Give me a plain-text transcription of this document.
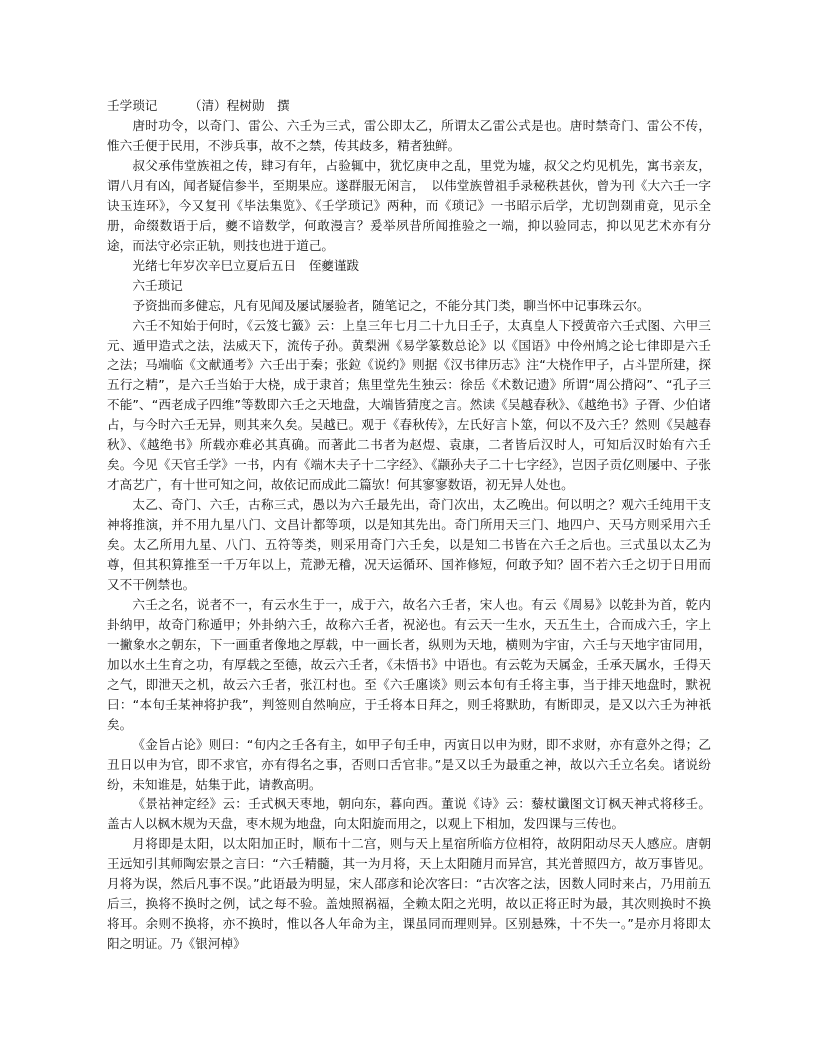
壬学琐记　　　（清）程树勋　撰

唐时功令，以奇门、雷公、六壬为三式，雷公即太乙，所谓太乙雷公式是也。唐时禁奇门、雷公不传，惟六壬便于民用，不涉兵事，故不之禁，传其歧多，精者独鲜。

叔父承伟堂族祖之传，肆习有年，占验辄中，犹忆庚申之乱，里党为墟，叔父之灼见机先，寓书亲友，谓八月有凶，闻者疑信参半，至期果应。遂群服无闲言，　以伟堂族曾祖手录秘秩甚伙，曾为刊《大六壬一字诀玉连环》，今又复刊《毕法集览》、《壬学琐记》两种，而《琐记》一书昭示后学，尤切剀剟甫竟，见示全册，命缀数语于后，夔不谙数学，何敢漫言？爰举夙昔所闻推验之一端，抑以验同志，抑以见艺术亦有分途，而法守必宗正轨，则技也进于道己。

光绪七年岁次辛巳立夏后五日　侄夔谨跋

六壬琐记

予资拙而多健忘，凡有见闻及屡试屡验者，随笔记之，不能分其门类，聊当怀中记事珠云尔。

六壬不知始于何时，《云笈七籖》云：上皇三年七月二十九日壬子，太真皇人下授黄帝六壬式图、六甲三元、遁甲造式之法，法威天下，流传子孙。黄梨洲《易学篆数总论》以《国语》中伶州鸠之论七律即是六壬之法；马端临《文献通考》六壬出于秦；张鉝《说约》则据《汉书律历志》注“大桡作甲子，占斗罡所建，探五行之精”，是六壬当始于大桡，成于隶首；焦里堂先生独云：徐岳《术数记遗》所谓“周公揹闷”、“孔子三不能”、“西老成子四维”等数即六壬之天地盘，大端皆猜度之言。然读《吴越春秋》、《越绝书》子胥、少伯诸占，与今时六壬无异，则其来久矣。吴越已。观于《春秋传》，左氏好言卜筮，何以不及六壬？然则《吴越春秋》、《越绝书》所载亦难必其真确。而著此二书者为赵煜、袁康，二者皆后汉时人，可知后汉时始有六壬矣。今见《天官壬学》一书，内有《端木夫子十二字经》、《颛孙夫子二十七字经》，岂因子贡亿则屡中、子张才高艺广，有十世可知之问，故依记而成此二篇欤！何其寥寥数语，初无异人处也。

太乙、奇门、六壬，古称三式，愚以为六壬最先出，奇门次出，太乙晚出。何以明之？观六壬纯用干支神将推演，并不用九星八门、文昌计都等项，以是知其先出。奇门所用天三门、地四户、天马方则采用六壬矣。太乙所用九星、八门、五符等类，则采用奇门六壬矣，以是知二书皆在六壬之后也。三式虽以太乙为尊，但其积算推至一千万年以上，荒渺无稽，况天运循环、国祚修短，何敢予知？固不若六壬之切于日用而又不干例禁也。

六壬之名，说者不一，有云水生于一，成于六，故名六壬者，宋人也。有云《周易》以乾卦为首，乾内卦纳甲，故奇门称遁甲；外卦纳六壬，故称六壬者，祝泌也。有云天一生水，天五生土，合而成六壬，字上一撇象水之朝东，下一画重者像地之厚载，中一画长者，纵则为天地，横则为宇宙，六壬与天地宇宙同用，加以水土生育之功，有厚载之至德，故云六壬者，《未悟书》中语也。有云乾为天属金，壬承天属水，壬得天之气，即泄天之机，故云六壬者，张江村也。至《六壬廛谈》则云本旬有壬将主事，当于排天地盘时，默祝曰：“本旬壬某神将护我”，判签则自然响应，于壬将本日拜之，则壬将默助，有断即灵，是又以六壬为神祇矣。

《金旨占论》则曰：“旬内之壬各有主，如甲子旬壬申，丙寅日以申为财，即不求财，亦有意外之得；乙丑日以申为官，即不求官，亦有得名之事，否则口舌官非。”是又以壬为最重之神，故以六壬立名矣。诸说纷纷，未知谁是，姑集于此，请教高明。

《景祜神定经》云：壬式枫天枣地，朝向东，暮向西。董说《诗》云：藜杖谶图文订枫天神式将移壬。盖古人以枫木规为天盘，枣木规为地盘，向太阳旋而用之，以观上下相加，发四课与三传也。

月将即是太阳，以太阳加正时，顺布十二宫，则与天上星宿所临方位相符，故阴阳动尽天人感应。唐朝王远知引其师陶宏景之言曰：“六壬精髓，其一为月将，天上太阳随月而异宫，其光普照四方，故万事皆见。月将为误，然后凡事不误。”此语最为明显，宋人邵彦和论次客曰：“古次客之法，因数人同时来占，乃用前五后三，换将不换时之例，试之每不验。盖烛照祸福，全赖太阳之光明，故以正将正时为最，其次则换时不换将耳。余则不换将，亦不换时，惟以各人年命为主，课虽同而理则异。区别悬殊，十不失一。”是亦月将即太阳之明证。乃《银河棹》
